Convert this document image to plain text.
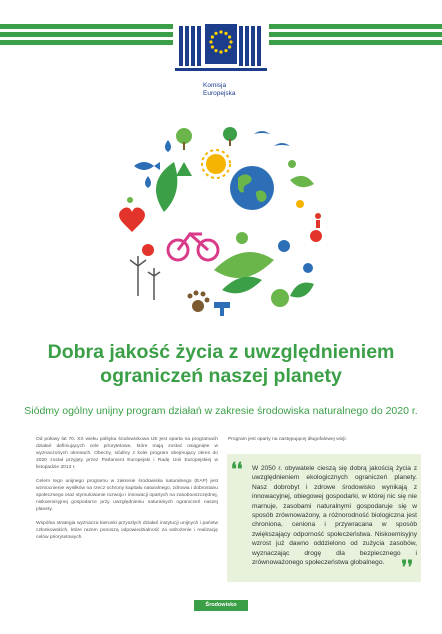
Komisja
Europejska
Dobra jakość życia z uwzględnieniem
ograniczeń naszej planety
Siódmy ogólny unijny program działań w zakresie środowiska naturalnego do 2020 r.

Od połowy lat 70. XX wieku polityka środowiskowa UE jest oparta na programach działań definiujących cele priorytetowe, które mają zostać osiągnięte w wyznaczonych okresach. Obecny, siódmy z kolei program obejmujący okres do 2020 został przyjęty przez Parlament Europejski i Radę Unii Europejskiej w listopadzie 2013 r.

Celem tego unijnego programu w zakresie środowiska naturalnego (EAP) jest wzmocnienie wysiłków na rzecz ochrony kapitału naturalnego, zdrowia i dobrostanu społecznego oraz stymulowanie rozwoju i innowacji opartych na zasobooszczędnej, niskoemisyjnej gospodarce przy uwzględnieniu naturalnych ograniczeń naszej planety.

Wspólna strategia wyznacza kierunki przyszłych działań instytucji unijnych i państw członkowskich, które razem ponoszą odpowiedzialność za wdrożenie i realizację celów priorytetowych.

Program jest oparty na następującej długofalowej wizji:
❛❛ W 2050 r. obywatele cieszą się dobrą jakością życia z uwzględnieniem ekologicznych ograniczeń planety. Nasz dobrobyt i zdrowe środowisko wynikają z innowacyjnej, obiegowej gospodarki, w której nic się nie marnuje, zasobami naturalnymi gospodaruje się w sposób zrównoważony, a różnorodność biologiczna jest chroniona, ceniona i przywracana w sposób zwiększający odporność społeczeństwa. Niskoemisyjny wzrost już dawno oddzielono od zużycia zasobów, wyznaczając drogę dla bezpiecznego i zrównoważonego społeczeństwa globalnego. ❜❜
Środowisko
